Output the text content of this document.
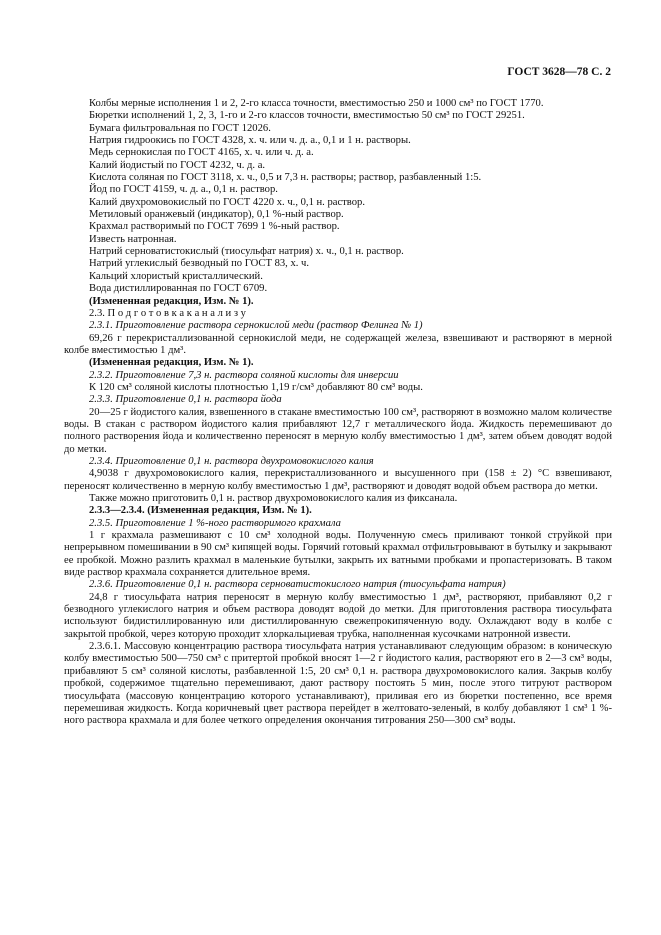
ГОСТ 3628—78 С. 2

Колбы мерные исполнения 1 и 2, 2-го класса точности, вместимостью 250 и 1000 см³ по ГОСТ 1770.

Бюретки исполнений 1, 2, 3, 1-го и 2-го классов точности, вместимостью 50 см³ по ГОСТ 29251.

Бумага фильтровальная по ГОСТ 12026.

Натрия гидроокись по ГОСТ 4328, х. ч. или ч. д. а., 0,1 и 1 н. растворы.

Медь сернокислая по ГОСТ 4165, х. ч. или ч. д. а.

Калий йодистый по ГОСТ 4232, ч. д. а.

Кислота соляная по ГОСТ 3118, х. ч., 0,5 и 7,3 н. растворы; раствор, разбавленный 1:5.

Йод по ГОСТ 4159, ч. д. а., 0,1 н. раствор.

Калий двухромовокислый по ГОСТ 4220 х. ч., 0,1 н. раствор.

Метиловый оранжевый (индикатор), 0,1 %-ный раствор.

Крахмал растворимый по ГОСТ 7699 1 %-ный раствор.

Известь натронная.

Натрий серноватистокислый (тиосульфат натрия) х. ч., 0,1 н. раствор.

Натрий углекислый безводный по ГОСТ 83, х. ч.

Кальций хлористый кристаллический.

Вода дистиллированная по ГОСТ 6709.

(Измененная редакция, Изм. № 1).

2.3. П о д г о т о в к а к а н а л и з у

2.3.1. Приготовление раствора сернокислой меди (раствор Фелинга № 1)

69,26 г перекристаллизованной сернокислой меди, не содержащей железа, взвешивают и растворяют в мерной колбе вместимостью 1 дм³.

(Измененная редакция, Изм. № 1).

2.3.2. Приготовление 7,3 н. раствора соляной кислоты для инверсии

К 120 см³ соляной кислоты плотностью 1,19 г/см³ добавляют 80 см³ воды.

2.3.3. Приготовление 0,1 н. раствора йода

20—25 г йодистого калия, взвешенного в стакане вместимостью 100 см³, растворяют в возможно малом количестве воды. В стакан с раствором йодистого калия прибавляют 12,7 г металлического йода. Жидкость перемешивают до полного растворения йода и количественно переносят в мерную колбу вместимостью 1 дм³, затем объем доводят водой до метки.

2.3.4. Приготовление 0,1 н. раствора двухромовокислого калия

4,9038 г двухромовокислого калия, перекристаллизованного и высушенного при (158 ± 2) °С взвешивают, переносят количественно в мерную колбу вместимостью 1 дм³, растворяют и доводят водой объем раствора до метки.

Также можно приготовить 0,1 н. раствор двухромовокислого калия из фиксанала.

2.3.3—2.3.4. (Измененная редакция, Изм. № 1).

2.3.5. Приготовление 1 %-ного растворимого крахмала

1 г крахмала размешивают с 10 см³ холодной воды. Полученную смесь приливают тонкой струйкой при непрерывном помешивании в 90 см³ кипящей воды. Горячий готовый крахмал отфильтровывают в бутылку и закрывают ее пробкой. Можно разлить крахмал в маленькие бутылки, закрыть их ватными пробками и пропастеризовать. В таком виде раствор крахмала сохраняется длительное время.

2.3.6. Приготовление 0,1 н. раствора серноватистокислого натрия (тиосульфата натрия)

24,8 г тиосульфата натрия переносят в мерную колбу вместимостью 1 дм³, растворяют, прибавляют 0,2 г безводного углекислого натрия и объем раствора доводят водой до метки. Для приготовления раствора тиосульфата используют бидистиллированную или дистиллированную свежепрокипяченную воду. Охлаждают воду в колбе с закрытой пробкой, через которую проходит хлоркальциевая трубка, наполненная кусочками натронной извести.

2.3.6.1. Массовую концентрацию раствора тиосульфата натрия устанавливают следующим образом: в коническую колбу вместимостью 500—750 см³ с притертой пробкой вносят 1—2 г йодистого калия, растворяют его в 2—3 см³ воды, прибавляют 5 см³ соляной кислоты, разбавленной 1:5, 20 см³ 0,1 н. раствора двухромовокислого калия. Закрыв колбу пробкой, содержимое тщательно перемешивают, дают раствору постоять 5 мин, после этого титруют раствором тиосульфата (массовую концентрацию которого устанавливают), приливая его из бюретки постепенно, все время перемешивая жидкость. Когда коричневый цвет раствора перейдет в желтовато-зеленый, в колбу добавляют 1 см³ 1 %-ного раствора крахмала и для более четкого определения окончания титрования 250—300 см³ воды.
